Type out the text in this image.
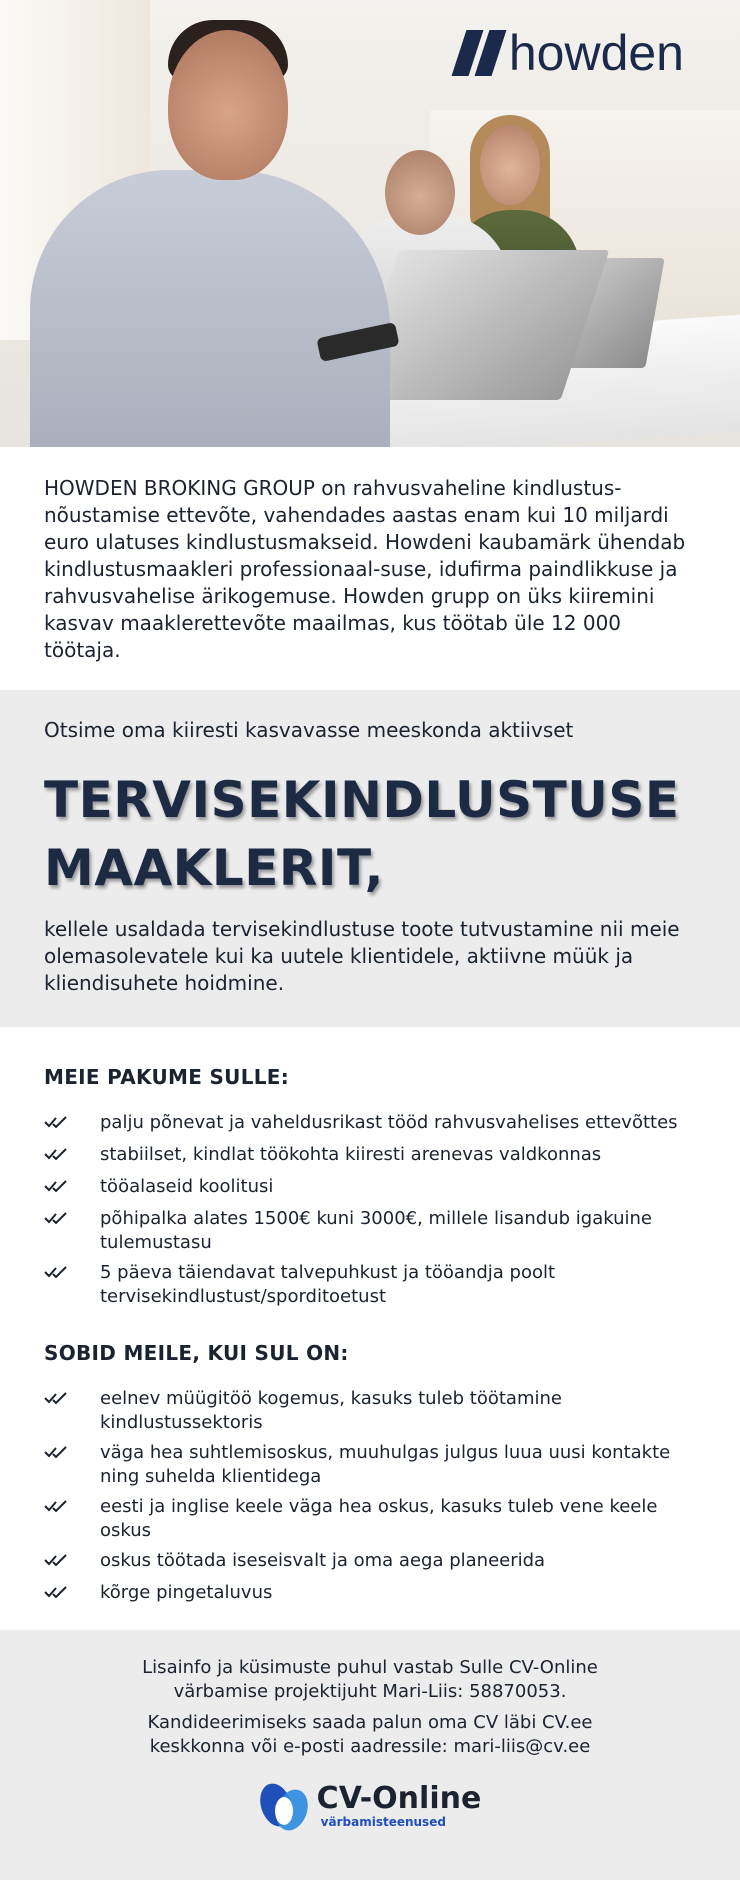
howden
HOWDEN BROKING GROUP on rahvusvaheline kindlustus-nõustamise ettevõte, vahendades aastas enam kui 10 miljardi euro ulatuses kindlustusmakseid. Howdeni kaubamärk ühendab kindlustusmaakleri professionaal-suse, idufirma paindlikkuse ja rahvusvahelise ärikogemuse. Howden grupp on üks kiiremini kasvav maaklerettevõte maailmas, kus töötab üle 12 000 töötaja.
Otsime oma kiiresti kasvavasse meeskonda aktiivset
TERVISEKINDLUSTUSE
MAAKLERIT,
kellele usaldada tervisekindlustuse toote tutvustamine nii meie olemasolevatele kui ka uutele klientidele, aktiivne müük ja kliendisuhete hoidmine.
MEIE PAKUME SULLE:
palju põnevat ja vaheldusrikast tööd rahvusvahelises ettevõttes
stabiilset, kindlat töökohta kiiresti arenevas valdkonnas
tööalaseid koolitusi
põhipalka alates 1500€ kuni 3000€, millele lisandub igakuine tulemustasu
5 päeva täiendavat talvepuhkust ja tööandja poolt tervisekindlustust/sporditoetust
SOBID MEILE, KUI SUL ON:
eelnev müügitöö kogemus, kasuks tuleb töötamine kindlustussektoris
väga hea suhtlemisoskus, muuhulgas julgus luua uusi kontakte ning suhelda klientidega
eesti ja inglise keele väga hea oskus, kasuks tuleb vene keele oskus
oskus töötada iseseisvalt ja oma aega planeerida
kõrge pingetaluvus

Lisainfo ja küsimuste puhul vastab Sulle CV-Online
värbamise projektijuht Mari-Liis: 58870053.

Kandideerimiseks saada palun oma CV läbi CV.ee
keskkonna või e-posti aadressile: mari-liis@cv.ee

CV-Online
värbamisteenused
